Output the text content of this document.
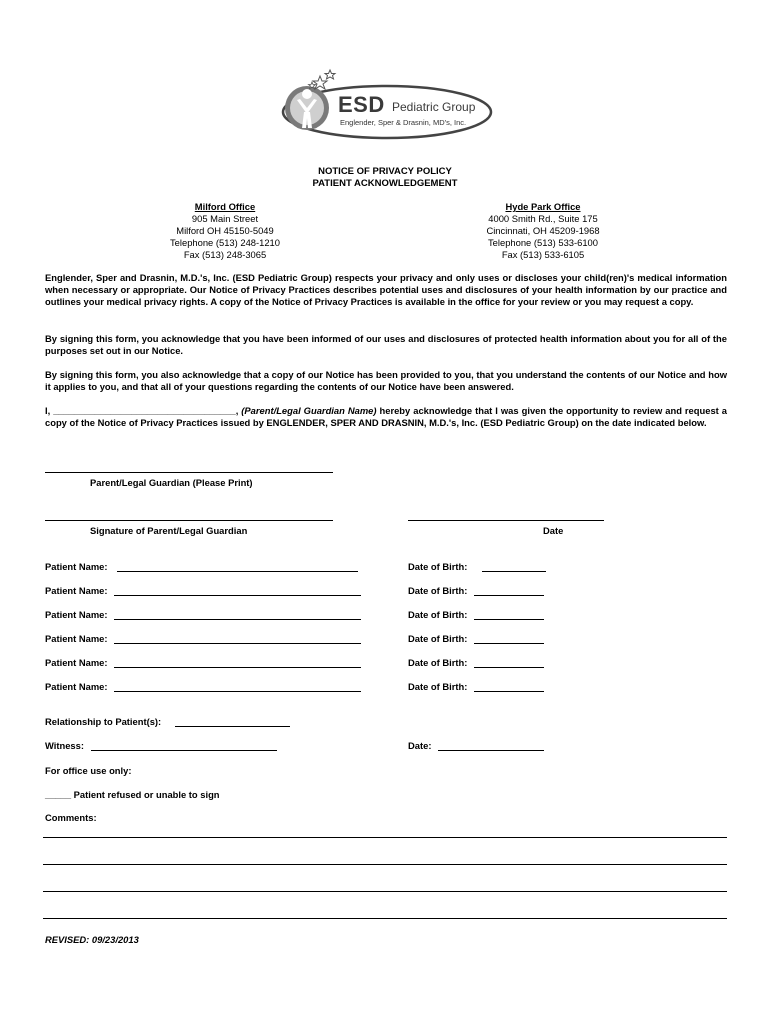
ESD Pediatric Group
Englender, Sper & Drasnin, MD's, Inc.
NOTICE OF PRIVACY POLICY
PATIENT ACKNOWLEDGEMENT
Milford Office
905 Main Street
Milford OH 45150-5049
Telephone (513) 248-1210
Fax (513) 248-3065
Hyde Park Office
4000 Smith Rd., Suite 175
Cincinnati, OH 45209-1968
Telephone (513) 533-6100
Fax (513) 533-6105
Englender, Sper and Drasnin, M.D.'s, Inc. (ESD Pediatric Group) respects your privacy and only uses or discloses your child(ren)'s medical information when necessary or appropriate. Our Notice of Privacy Practices describes potential uses and disclosures of your health information by our practice and outlines your medical privacy rights. A copy of the Notice of Privacy Practices is available in the office for your review or you may request a copy.
By signing this form, you acknowledge that you have been informed of our uses and disclosures of protected health information about you for all of the purposes set out in our Notice.
By signing this form, you also acknowledge that a copy of our Notice has been provided to you, that you understand the contents of our Notice and how it applies to you, and that all of your questions regarding the contents of our Notice have been answered.
I, ___________________________________, (Parent/Legal Guardian Name) hereby acknowledge that I was given the opportunity to review and request a copy of the Notice of Privacy Practices issued by ENGLENDER, SPER AND DRASNIN, M.D.'s, Inc. (ESD Pediatric Group) on the date indicated below.
Parent/Legal Guardian (Please Print)
Signature of Parent/Legal Guardian	Date
Patient Name:	Date of Birth:
Patient Name:	Date of Birth:
Patient Name:	Date of Birth:
Patient Name:	Date of Birth:
Patient Name:	Date of Birth:
Patient Name:	Date of Birth:
Relationship to Patient(s):
Witness:	Date:
For office use only:
_____ Patient refused or unable to sign
Comments:
REVISED: 09/23/2013
